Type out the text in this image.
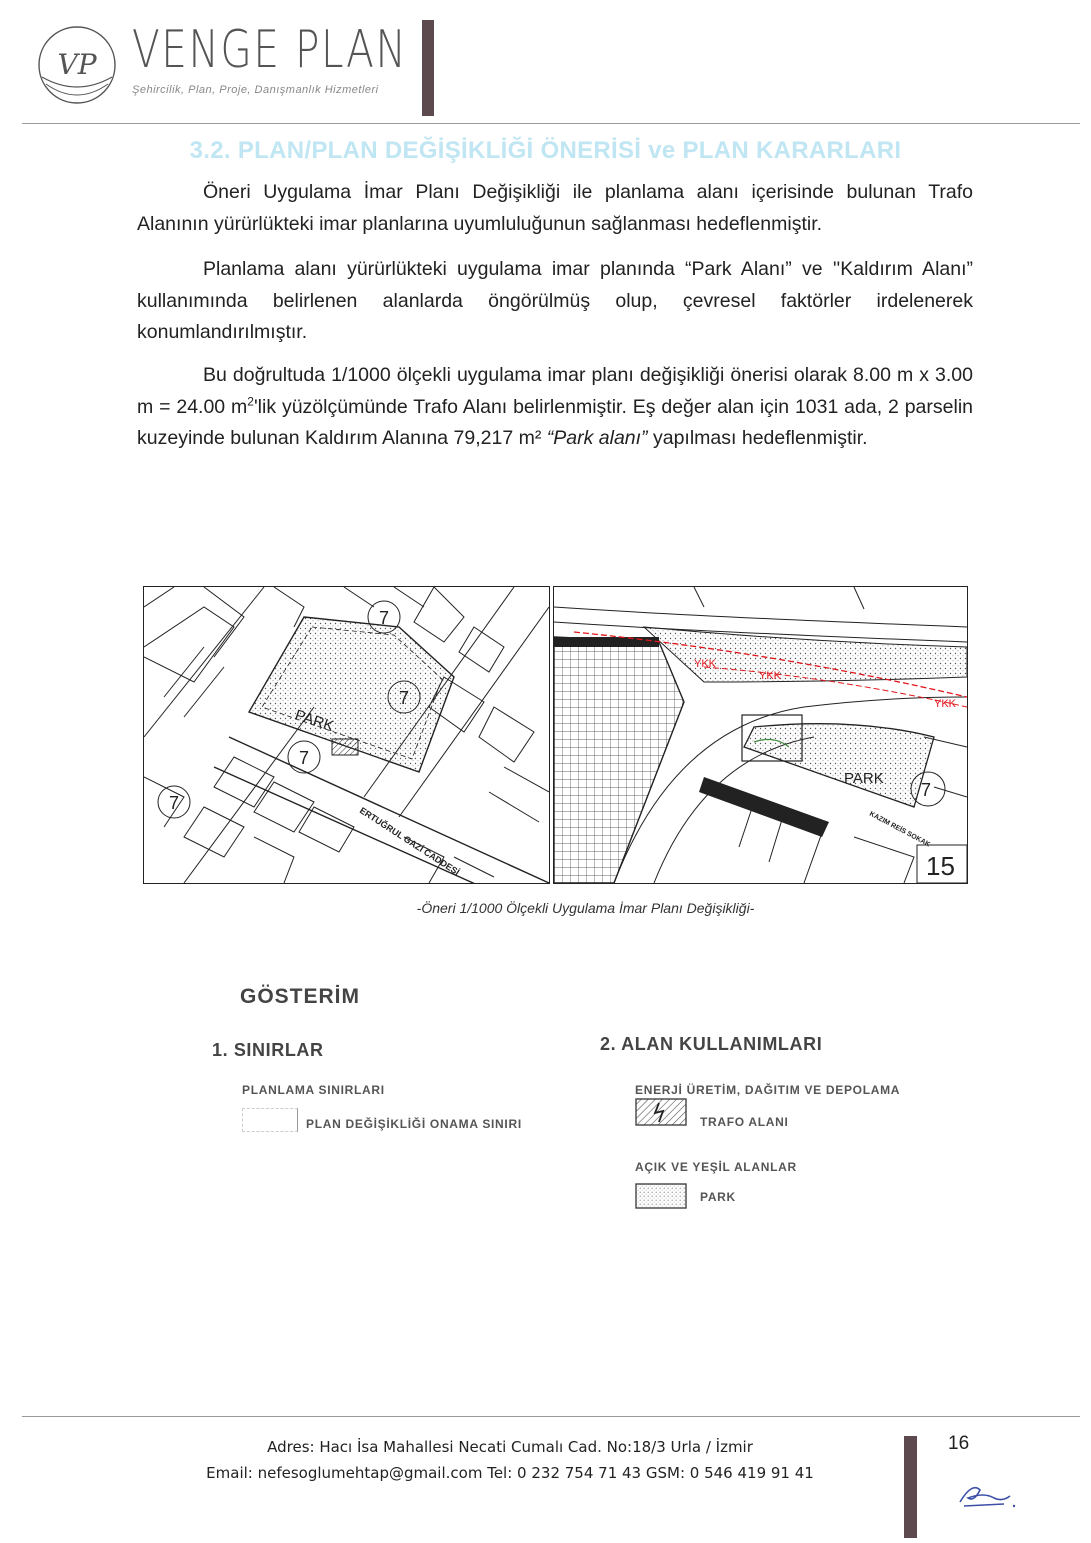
VP VENGE PLAN
Şehircilik, Plan, Proje, Danışmanlık Hizmetleri
3.2. PLAN/PLAN DEĞİŞİKLİĞİ ÖNERİSİ ve PLAN KARARLARI
Öneri Uygulama İmar Planı Değişikliği ile planlama alanı içerisinde bulunan Trafo Alanının yürürlükteki imar planlarına uyumluluğunun sağlanması hedeflenmiştir.
Planlama alanı yürürlükteki uygulama imar planında “Park Alanı” ve ''Kaldırım Alanı” kullanımında belirlenen alanlarda öngörülmüş olup, çevresel faktörler irdelenerek konumlandırılmıştır.
Bu doğrultuda 1/1000 ölçekli uygulama imar planı değişikliği önerisi olarak 8.00 m x 3.00 m = 24.00 $m^2'lik$ yüzölçümünde Trafo Alanı belirlenmiştir. Eş değer alan için 1031 ada, 2 parselin kuzeyinde bulunan Kaldırım Alanına 79,217 m² “Park alanı” yapılması hedeflenmiştir.
7
7
7
7
PARK
ERTUĞRUL GAZİ CADDESİ
YKK
YKK
YKK
PARK
7
KAZIM REİS SOKAK
15
-Öneri 1/1000 Ölçekli Uygulama İmar Planı Değişikliği-
GÖSTERİM
1. SINIRLAR	2. ALAN KULLANIMLARI
PLANLAMA SINIRLARI
PLAN DEĞİŞİKLİĞİ ONAMA SINIRI
ENERJİ ÜRETİM, DAĞITIM VE DEPOLAMA
TRAFO ALANI
AÇIK VE YEŞİL ALANLAR
PARK
Adres: Hacı İsa Mahallesi Necati Cumalı Cad. No:18/3 Urla / İzmir
Email: nefesoglumehtap@gmail.com Tel: 0 232 754 71 43 GSM: 0 546 419 91 41
16
